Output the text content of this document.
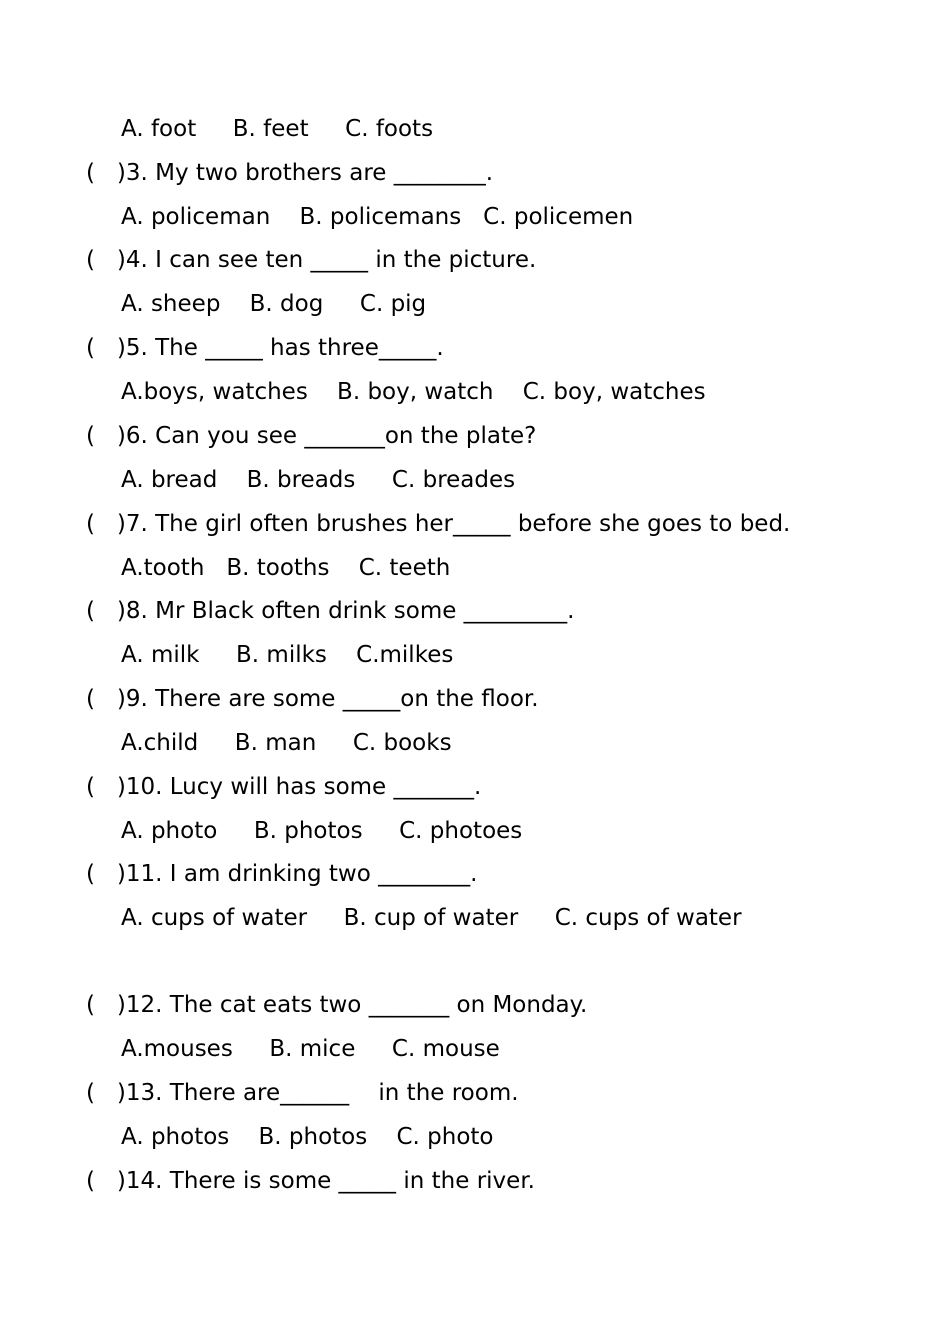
A. foot     B. feet     C. foots
(   )3. My two brothers are ________.
A. policeman    B. policemans   C. policemen
(   )4. I can see ten _____ in the picture.
A. sheep    B. dog     C. pig
(   )5. The _____ has three_____.
A.boys, watches    B. boy, watch    C. boy, watches
(   )6. Can you see _______on the plate?
A. bread    B. breads     C. breades
(   )7. The girl often brushes her_____ before she goes to bed.
A.tooth   B. tooths    C. teeth
(   )8. Mr Black often drink some _________.
A. milk     B. milks    C.milkes
(   )9. There are some _____on the floor.
A.child     B. man     C. books
(   )10. Lucy will has some _______.
A. photo     B. photos     C. photoes
(   )11. I am drinking two ________.
A. cups of water     B. cup of water     C. cups of water
(   )12. The cat eats two _______ on Monday.
A.mouses     B. mice     C. mouse
(   )13. There are______    in the room.
A. photos    B. photos    C. photo
(   )14. There is some _____ in the river.
